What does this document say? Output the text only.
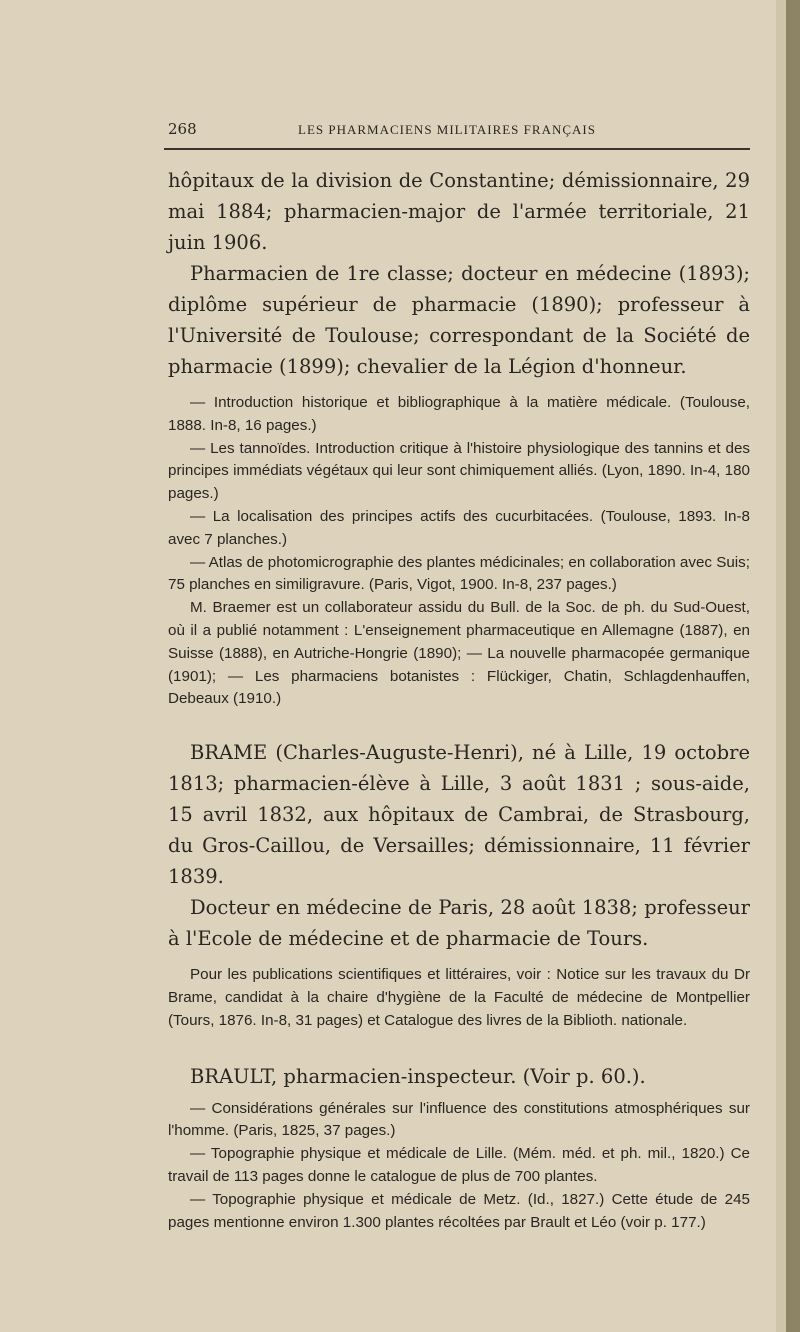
268	LES PHARMACIENS MILITAIRES FRANÇAIS

hôpitaux de la division de Constantine; démissionnaire, 29 mai 1884; pharmacien-major de l'armée territoriale, 21 juin 1906.

Pharmacien de 1re classe; docteur en médecine (1893); diplôme supérieur de pharmacie (1890); professeur à l'Université de Toulouse; correspondant de la Société de pharmacie (1899); chevalier de la Légion d'honneur.

— Introduction historique et bibliographique à la matière médicale. (Toulouse, 1888. In-8, 16 pages.)

— Les tannoïdes. Introduction critique à l'histoire physiologique des tannins et des principes immédiats végétaux qui leur sont chimiquement alliés. (Lyon, 1890. In-4, 180 pages.)

— La localisation des principes actifs des cucurbitacées. (Toulouse, 1893. In-8 avec 7 planches.)

— Atlas de photomicrographie des plantes médicinales; en collaboration avec Suis; 75 planches en similigravure. (Paris, Vigot, 1900. In-8, 237 pages.)

M. Braemer est un collaborateur assidu du Bull. de la Soc. de ph. du Sud-Ouest, où il a publié notamment : L'enseignement pharmaceutique en Allemagne (1887), en Suisse (1888), en Autriche-Hongrie (1890); — La nouvelle pharmacopée germanique (1901); — Les pharmaciens botanistes : Flückiger, Chatin, Schlagdenhauffen, Debeaux (1910.)

BRAME (Charles-Auguste-Henri), né à Lille, 19 octobre 1813; pharmacien-élève à Lille, 3 août 1831 ; sous-aide, 15 avril 1832, aux hôpitaux de Cambrai, de Strasbourg, du Gros-Caillou, de Versailles; démissionnaire, 11 février 1839.

Docteur en médecine de Paris, 28 août 1838; professeur à l'Ecole de médecine et de pharmacie de Tours.

Pour les publications scientifiques et littéraires, voir : Notice sur les travaux du Dr Brame, candidat à la chaire d'hygiène de la Faculté de médecine de Montpellier (Tours, 1876. In-8, 31 pages) et Catalogue des livres de la Biblioth. nationale.

BRAULT, pharmacien-inspecteur. (Voir p. 60.).

— Considérations générales sur l'influence des constitutions atmosphériques sur l'homme. (Paris, 1825, 37 pages.)

— Topographie physique et médicale de Lille. (Mém. méd. et ph. mil., 1820.) Ce travail de 113 pages donne le catalogue de plus de 700 plantes.

— Topographie physique et médicale de Metz. (Id., 1827.) Cette étude de 245 pages mentionne environ 1.300 plantes récoltées par Brault et Léo (voir p. 177.)
